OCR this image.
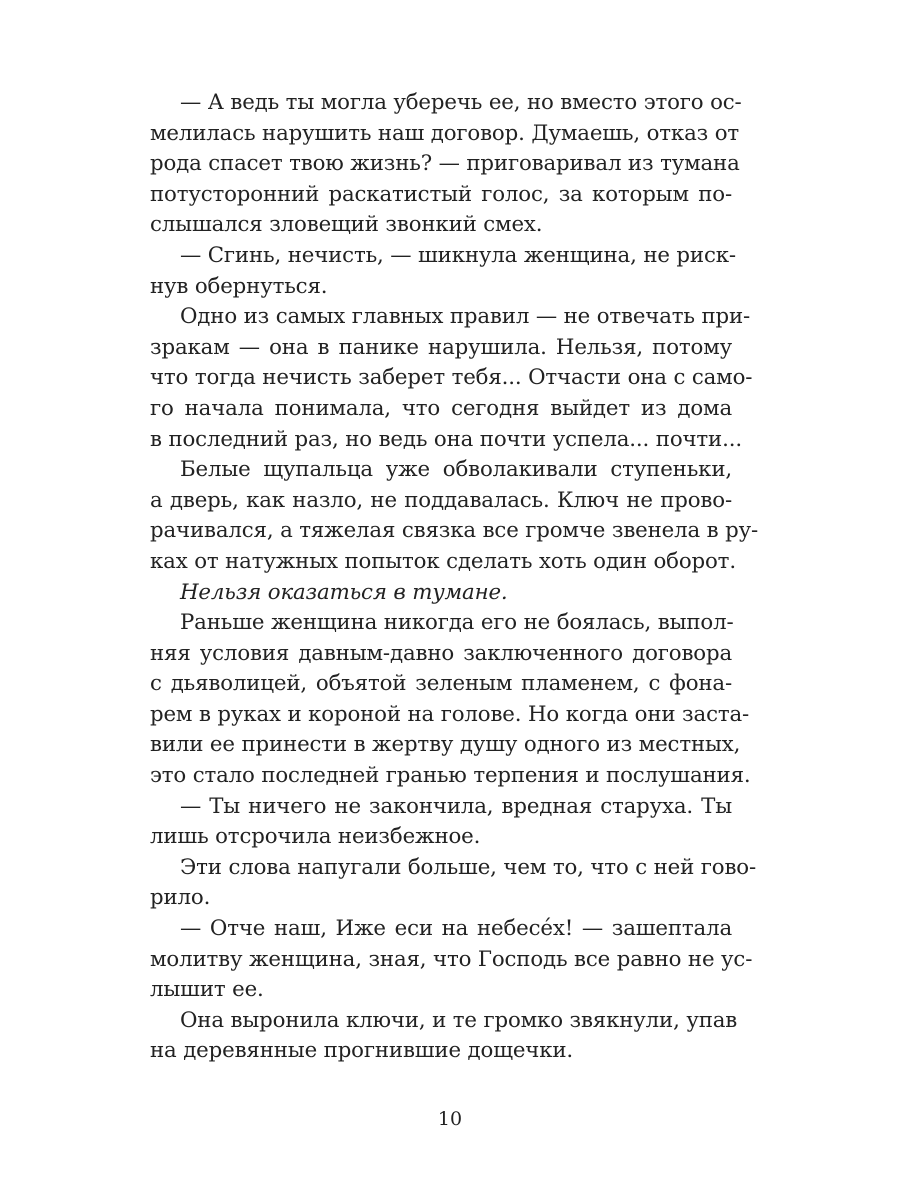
— А ведь ты могла уберечь ее, но вместо этого ос-
мелилась нарушить наш договор. Думаешь, отказ от
рода спасет твою жизнь? — приговаривал из тумана
потусторонний раскатистый голос, за которым по-
слышался зловещий звонкий смех.
— Сгинь, нечисть, — шикнула женщина, не риск-
нув обернуться.
Одно из самых главных правил — не отвечать при-
зракам — она в панике нарушила. Нельзя, потому
что тогда нечисть заберет тебя... Отчасти она с само-
го начала понимала, что сегодня выйдет из дома
в последний раз, но ведь она почти успела... почти...
Белые щупальца уже обволакивали ступеньки,
а дверь, как назло, не поддавалась. Ключ не прово-
рачивался, а тяжелая связка все громче звенела в ру-
ках от натужных попыток сделать хоть один оборот.
Нельзя оказаться в тумане.
Раньше женщина никогда его не боялась, выпол-
няя условия давным-давно заключенного договора
с дьяволицей, объятой зеленым пламенем, с фона-
рем в руках и короной на голове. Но когда они заста-
вили ее принести в жертву душу одного из местных,
это стало последней гранью терпения и послушания.
— Ты ничего не закончила, вредная старуха. Ты
лишь отсрочила неизбежное.
Эти слова напугали больше, чем то, что с ней гово-
рило.
— Отче наш, Иже еси на небесе́х! — зашептала
молитву женщина, зная, что Господь все равно не ус-
лышит ее.
Она выронила ключи, и те громко звякнули, упав
на деревянные прогнившие дощечки.
10
